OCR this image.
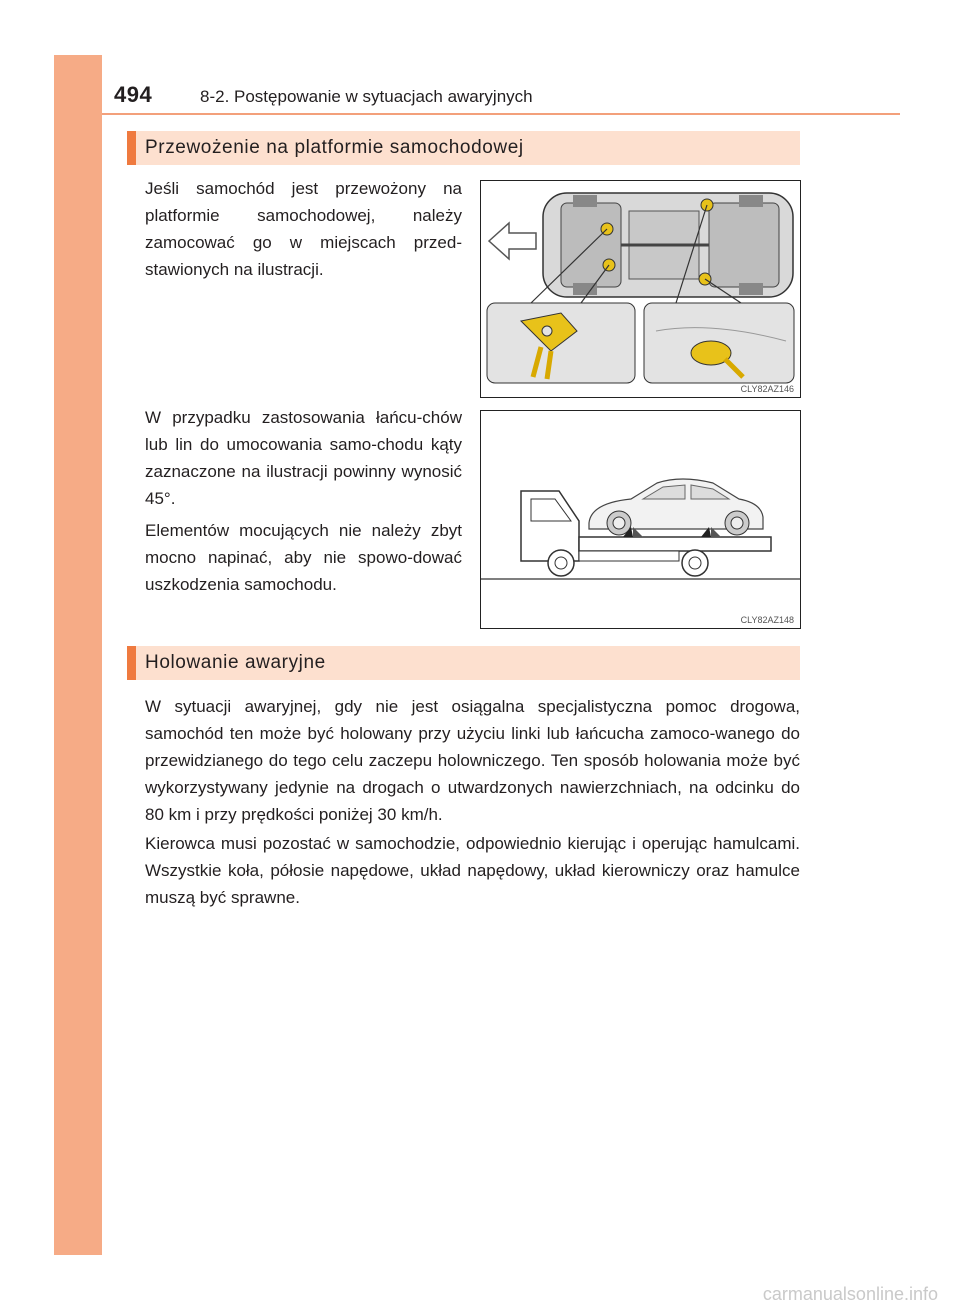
494	8-2. Postępowanie w sytuacjach awaryjnych
Przewożenie na platformie samochodowej
Jeśli samochód jest przewożony na platformie samochodowej, należy zamocować go w miejscach przed-stawionych na ilustracji.
W przypadku zastosowania łańcu-chów lub lin do umocowania samo-chodu kąty zaznaczone na ilustracji powinny wynosić 45°.
Elementów mocujących nie należy zbyt mocno napinać, aby nie spowo-dować uszkodzenia samochodu.
CLY82AZ146
CLY82AZ148
Holowanie awaryjne
W sytuacji awaryjnej, gdy nie jest osiągalna specjalistyczna pomoc drogowa, samochód ten może być holowany przy użyciu linki lub łańcucha zamoco-wanego do przewidzianego do tego celu zaczepu holowniczego. Ten sposób holowania może być wykorzystywany jedynie na drogach o utwardzonych nawierzchniach, na odcinku do 80 km i przy prędkości poniżej 30 km/h.
Kierowca musi pozostać w samochodzie, odpowiednio kierując i operując hamulcami. Wszystkie koła, półosie napędowe, układ napędowy, układ kierowniczy oraz hamulce muszą być sprawne.
carmanualsonline.info
